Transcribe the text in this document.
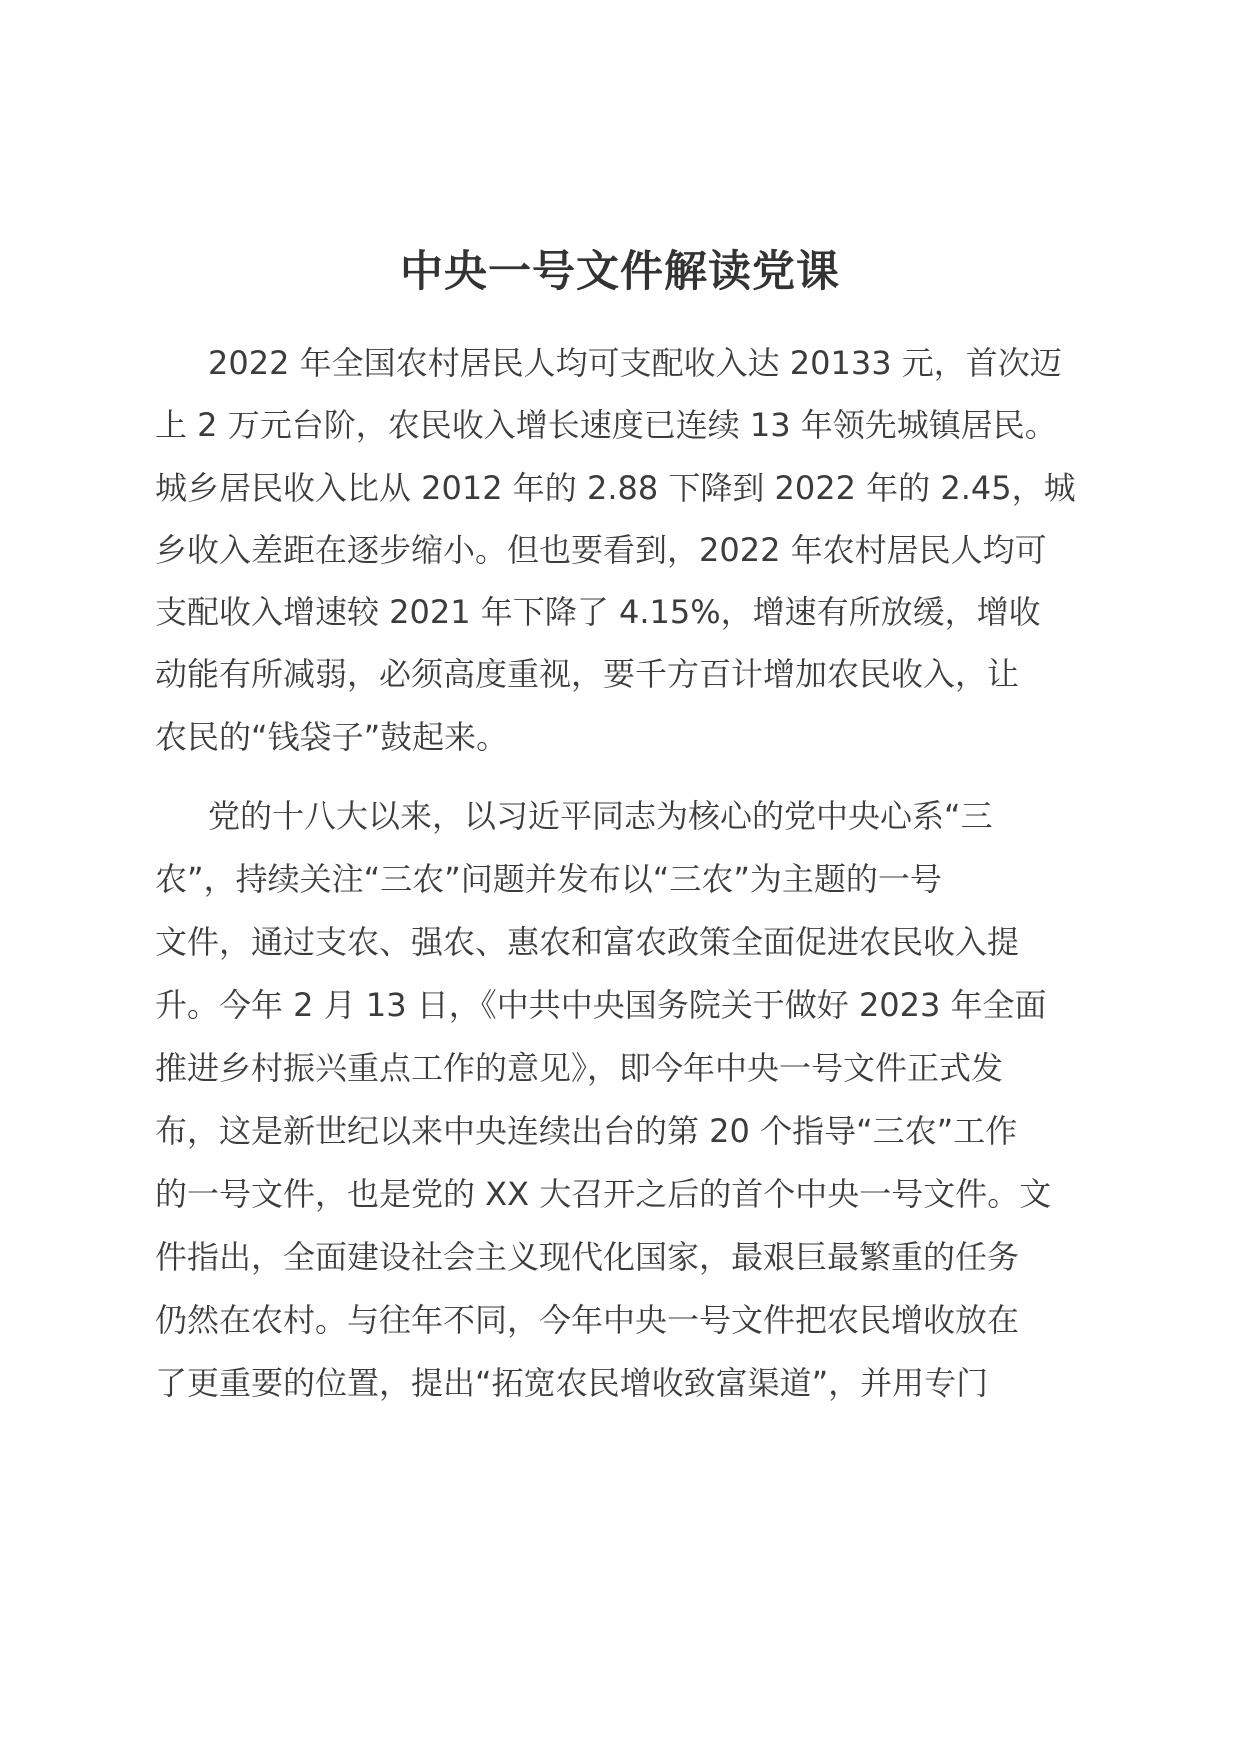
中央一号文件解读党课
2022 年全国农村居民人均可支配收入达 20133 元，首次迈
上 2 万元台阶，农民收入增长速度已连续 13 年领先城镇居民。
城乡居民收入比从 2012 年的 2.88 下降到 2022 年的 2.45，城
乡收入差距在逐步缩小。但也要看到，2022 年农村居民人均可
支配收入增速较 2021 年下降了 4.15%，增速有所放缓，增收
动能有所减弱，必须高度重视，要千方百计增加农民收入，让
农民的“钱袋子”鼓起来。
党的十八大以来，以习近平同志为核心的党中央心系“三
农”，持续关注“三农”问题并发布以“三农”为主题的一号
文件，通过支农、强农、惠农和富农政策全面促进农民收入提
升。今年 2 月 13 日，《中共中央国务院关于做好 2023 年全面
推进乡村振兴重点工作的意见》，即今年中央一号文件正式发
布，这是新世纪以来中央连续出台的第 20 个指导“三农”工作
的一号文件，也是党的 XX 大召开之后的首个中央一号文件。文
件指出，全面建设社会主义现代化国家，最艰巨最繁重的任务
仍然在农村。与往年不同，今年中央一号文件把农民增收放在
了更重要的位置，提出“拓宽农民增收致富渠道”，并用专门
